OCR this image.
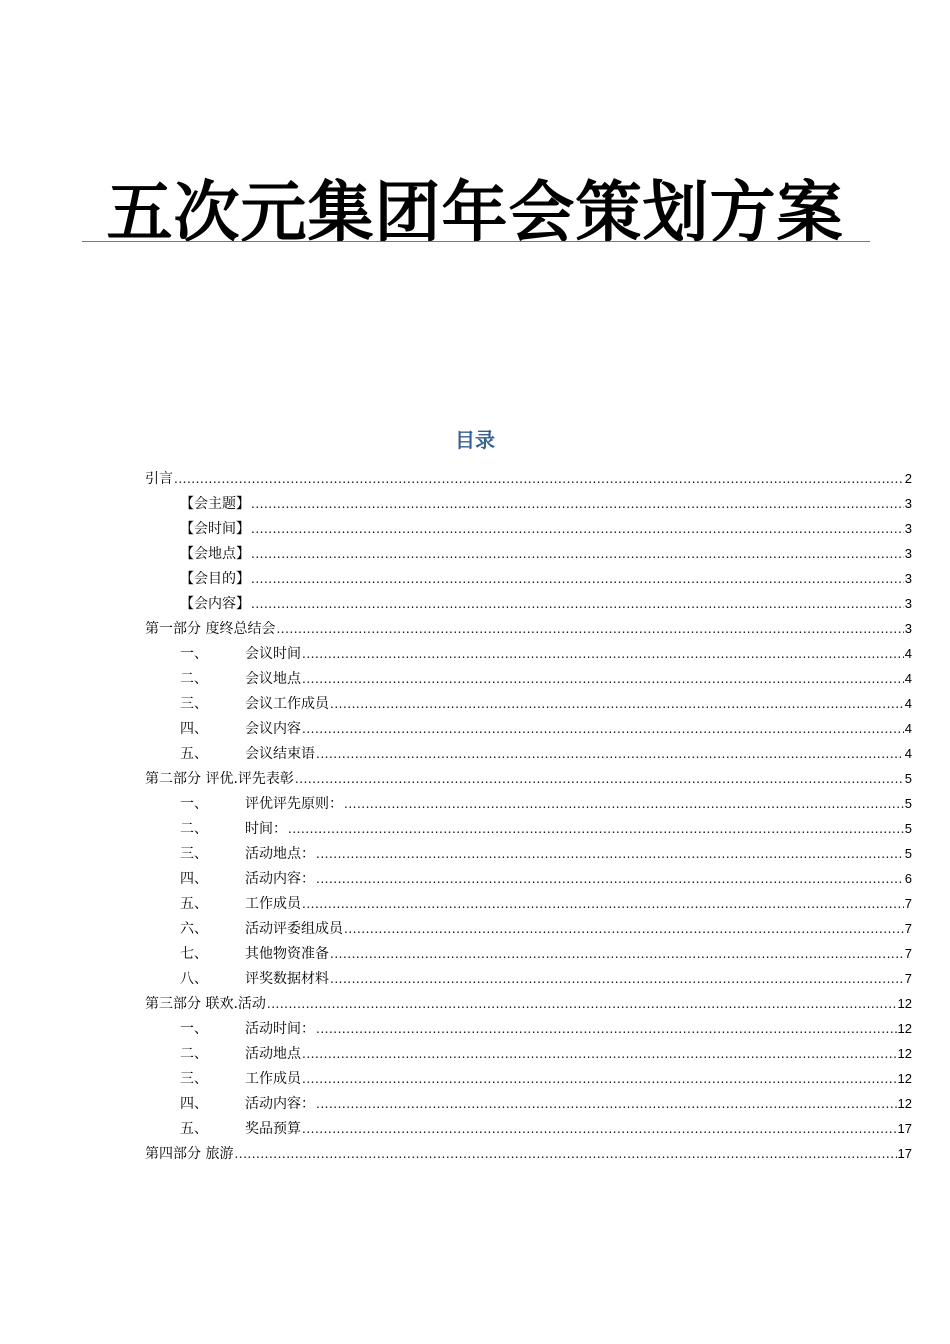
五次元集团年会策划方案
目录
引言 .....	2
【会主题】 .....	3
【会时间】 .....	3
【会地点】 .....	3
【会目的】 .....	3
【会内容】 .....	3
第一部分 度终总结会 .....	3
一、	会议时间 .....	4
二、	会议地点 .....	4
三、	会议工作成员 .....	4
四、	会议内容 .....	4
五、	会议结束语 .....	4
第二部分 评优.评先表彰 .....	5
一、	评优评先原则： .....	5
二、	时间： .....	5
三、	活动地点： .....	5
四、	活动内容： .....	6
五、	工作成员 .....	7
六、	活动评委组成员 .....	7
七、	其他物资准备 .....	7
八、	评奖数据材料 .....	7
第三部分 联欢.活动 .....	12
一、	活动时间： .....	12
二、	活动地点 .....	12
三、	工作成员 .....	12
四、	活动内容： .....	12
五、	奖品预算 .....	17
第四部分 旅游 .....	17
